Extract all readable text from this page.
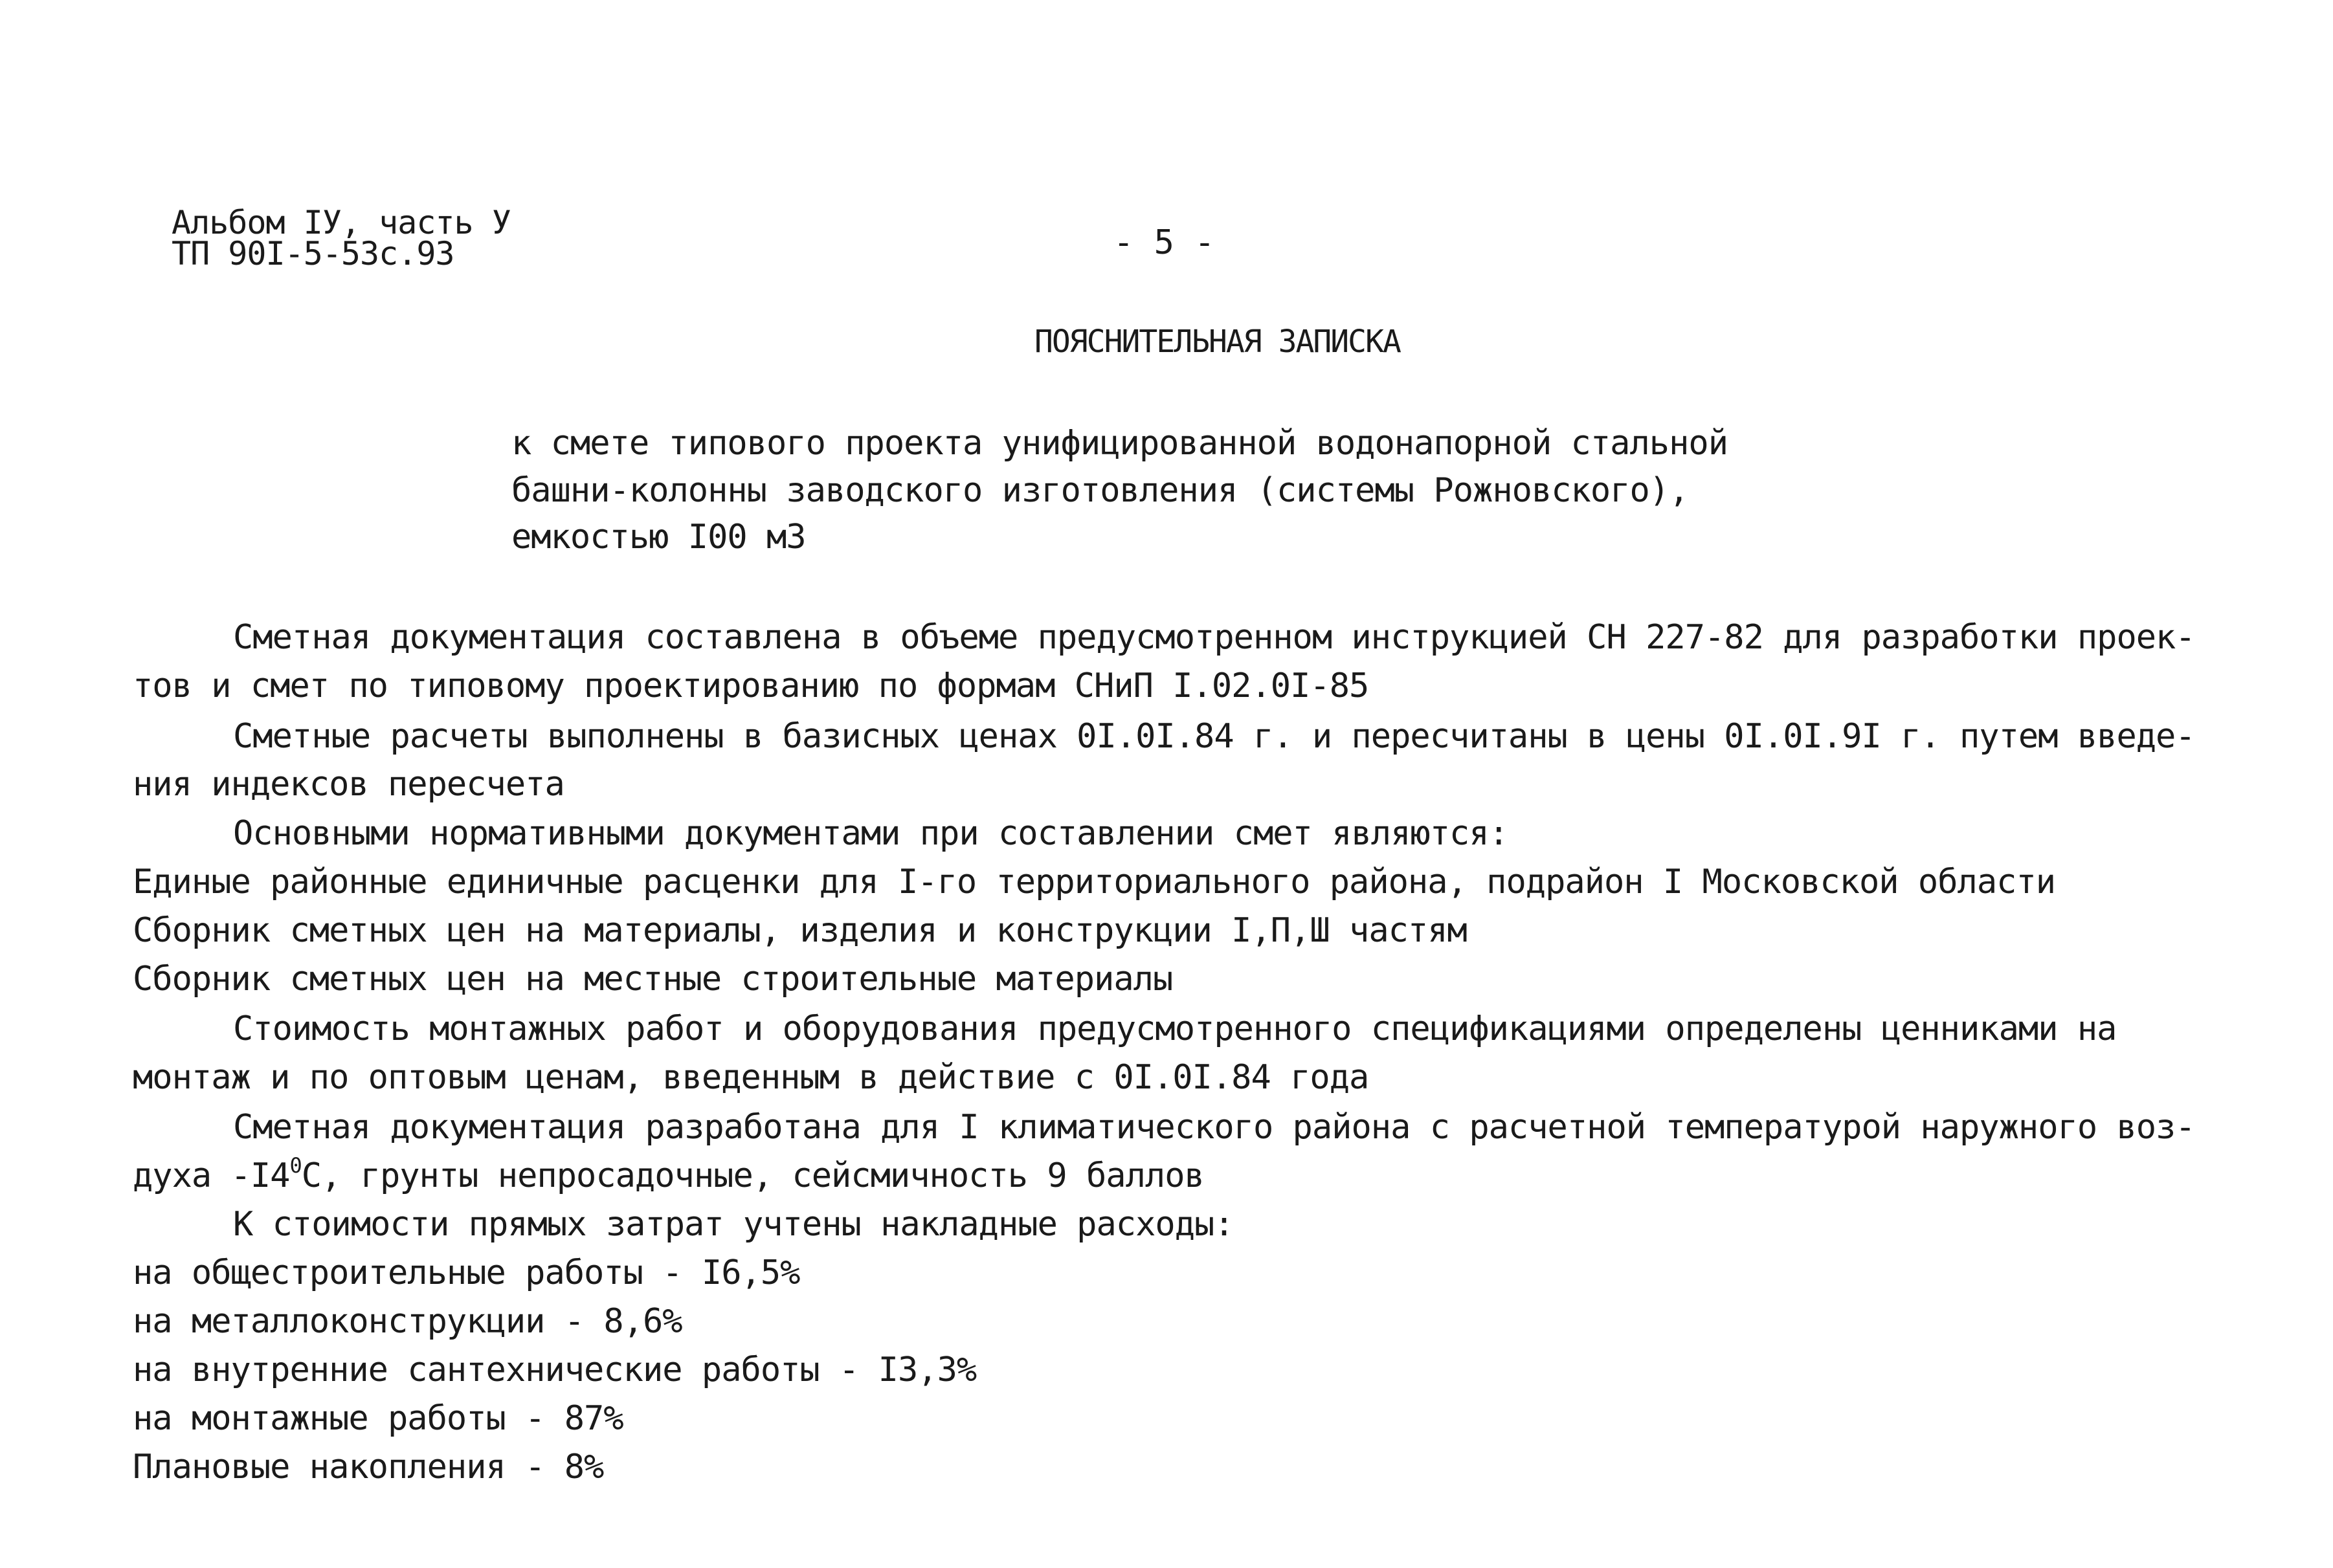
Альбом IУ, часть У
ТП 90I-5-53с.93	- 5 -
ПОЯСНИТЕЛЬНАЯ ЗАПИСКА
к смете типового проекта унифицированной водонапорной стальной
башни-колонны заводского изготовления (системы Рожновского),
емкостью I00 м3
Сметная документация составлена в объеме предусмотренном инструкцией СН 227-82 для разработки проек-
тов и смет по типовому проектированию по формам СНиП I.02.0I-85
Сметные расчеты выполнены в базисных ценах 0I.0I.84 г. и пересчитаны в цены 0I.0I.9I г. путем введе-
ния индексов пересчета
Основными нормативными документами при составлении смет являются:
Единые районные единичные расценки для I-го территориального района, подрайон I Московской области
Сборник сметных цен на материалы, изделия и конструкции I,П,Ш частям
Сборник сметных цен на местные строительные материалы
Стоимость монтажных работ и оборудования предусмотренного спецификациями определены ценниками на
монтаж и по оптовым ценам, введенным в действие с 0I.0I.84 года
Сметная документация разработана для I климатического района с расчетной температурой наружного воз-
духа $-I4^0С$, грунты непросадочные, сейсмичность 9 баллов
К стоимости прямых затрат учтены накладные расходы:
на общестроительные работы - I6,5%
на металлоконструкции - 8,6%
на внутренние сантехнические работы - I3,3%
на монтажные работы - 87%
Плановые накопления - 8%
